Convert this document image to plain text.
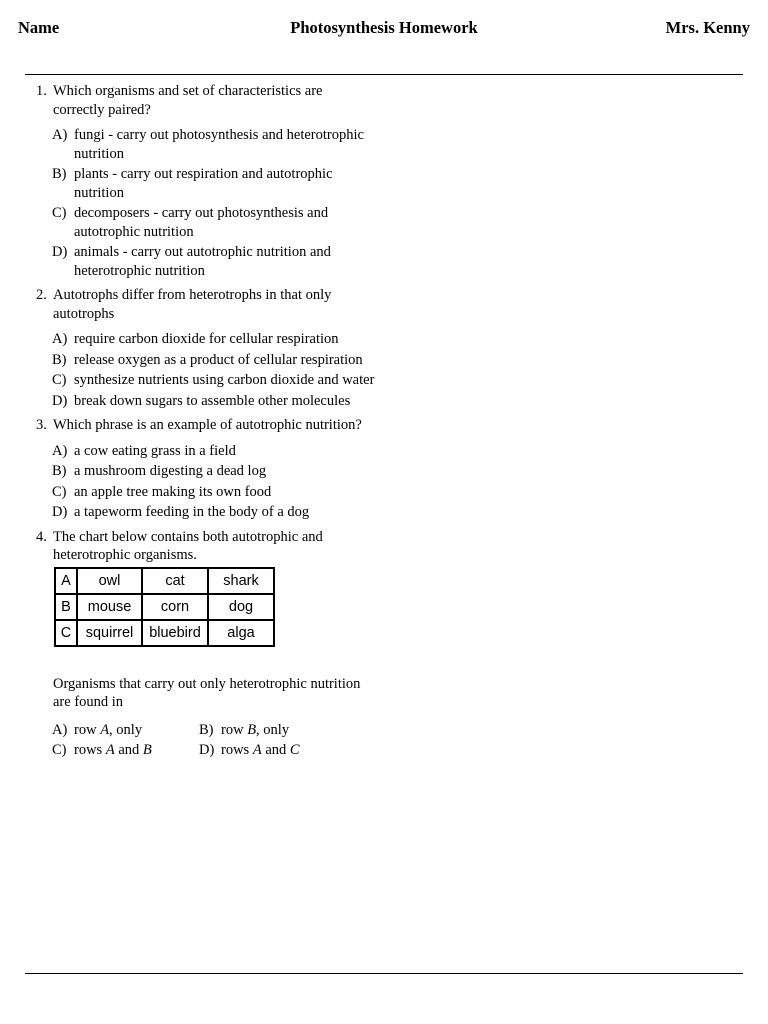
Name	Photosynthesis Homework	Mrs. Kenny
1. Which organisms and set of characteristics are correctly paired?
A) fungi - carry out photosynthesis and heterotrophic nutrition
B) plants - carry out respiration and autotrophic nutrition
C) decomposers - carry out photosynthesis and autotrophic nutrition
D) animals - carry out autotrophic nutrition and heterotrophic nutrition
2. Autotrophs differ from heterotrophs in that only autotrophs
A) require carbon dioxide for cellular respiration
B) release oxygen as a product of cellular respiration
C) synthesize nutrients using carbon dioxide and water
D) break down sugars to assemble other molecules
3. Which phrase is an example of autotrophic nutrition?
A) a cow eating grass in a field
B) a mushroom digesting a dead log
C) an apple tree making its own food
D) a tapeworm feeding in the body of a dog
4. The chart below contains both autotrophic and heterotrophic organisms.
A	owl	cat	shark
B	mouse	corn	dog
C	squirrel	bluebird	alga
Organisms that carry out only heterotrophic nutrition are found in
A) row A, only	B) row B, only
C) rows A and B	D) rows A and C
